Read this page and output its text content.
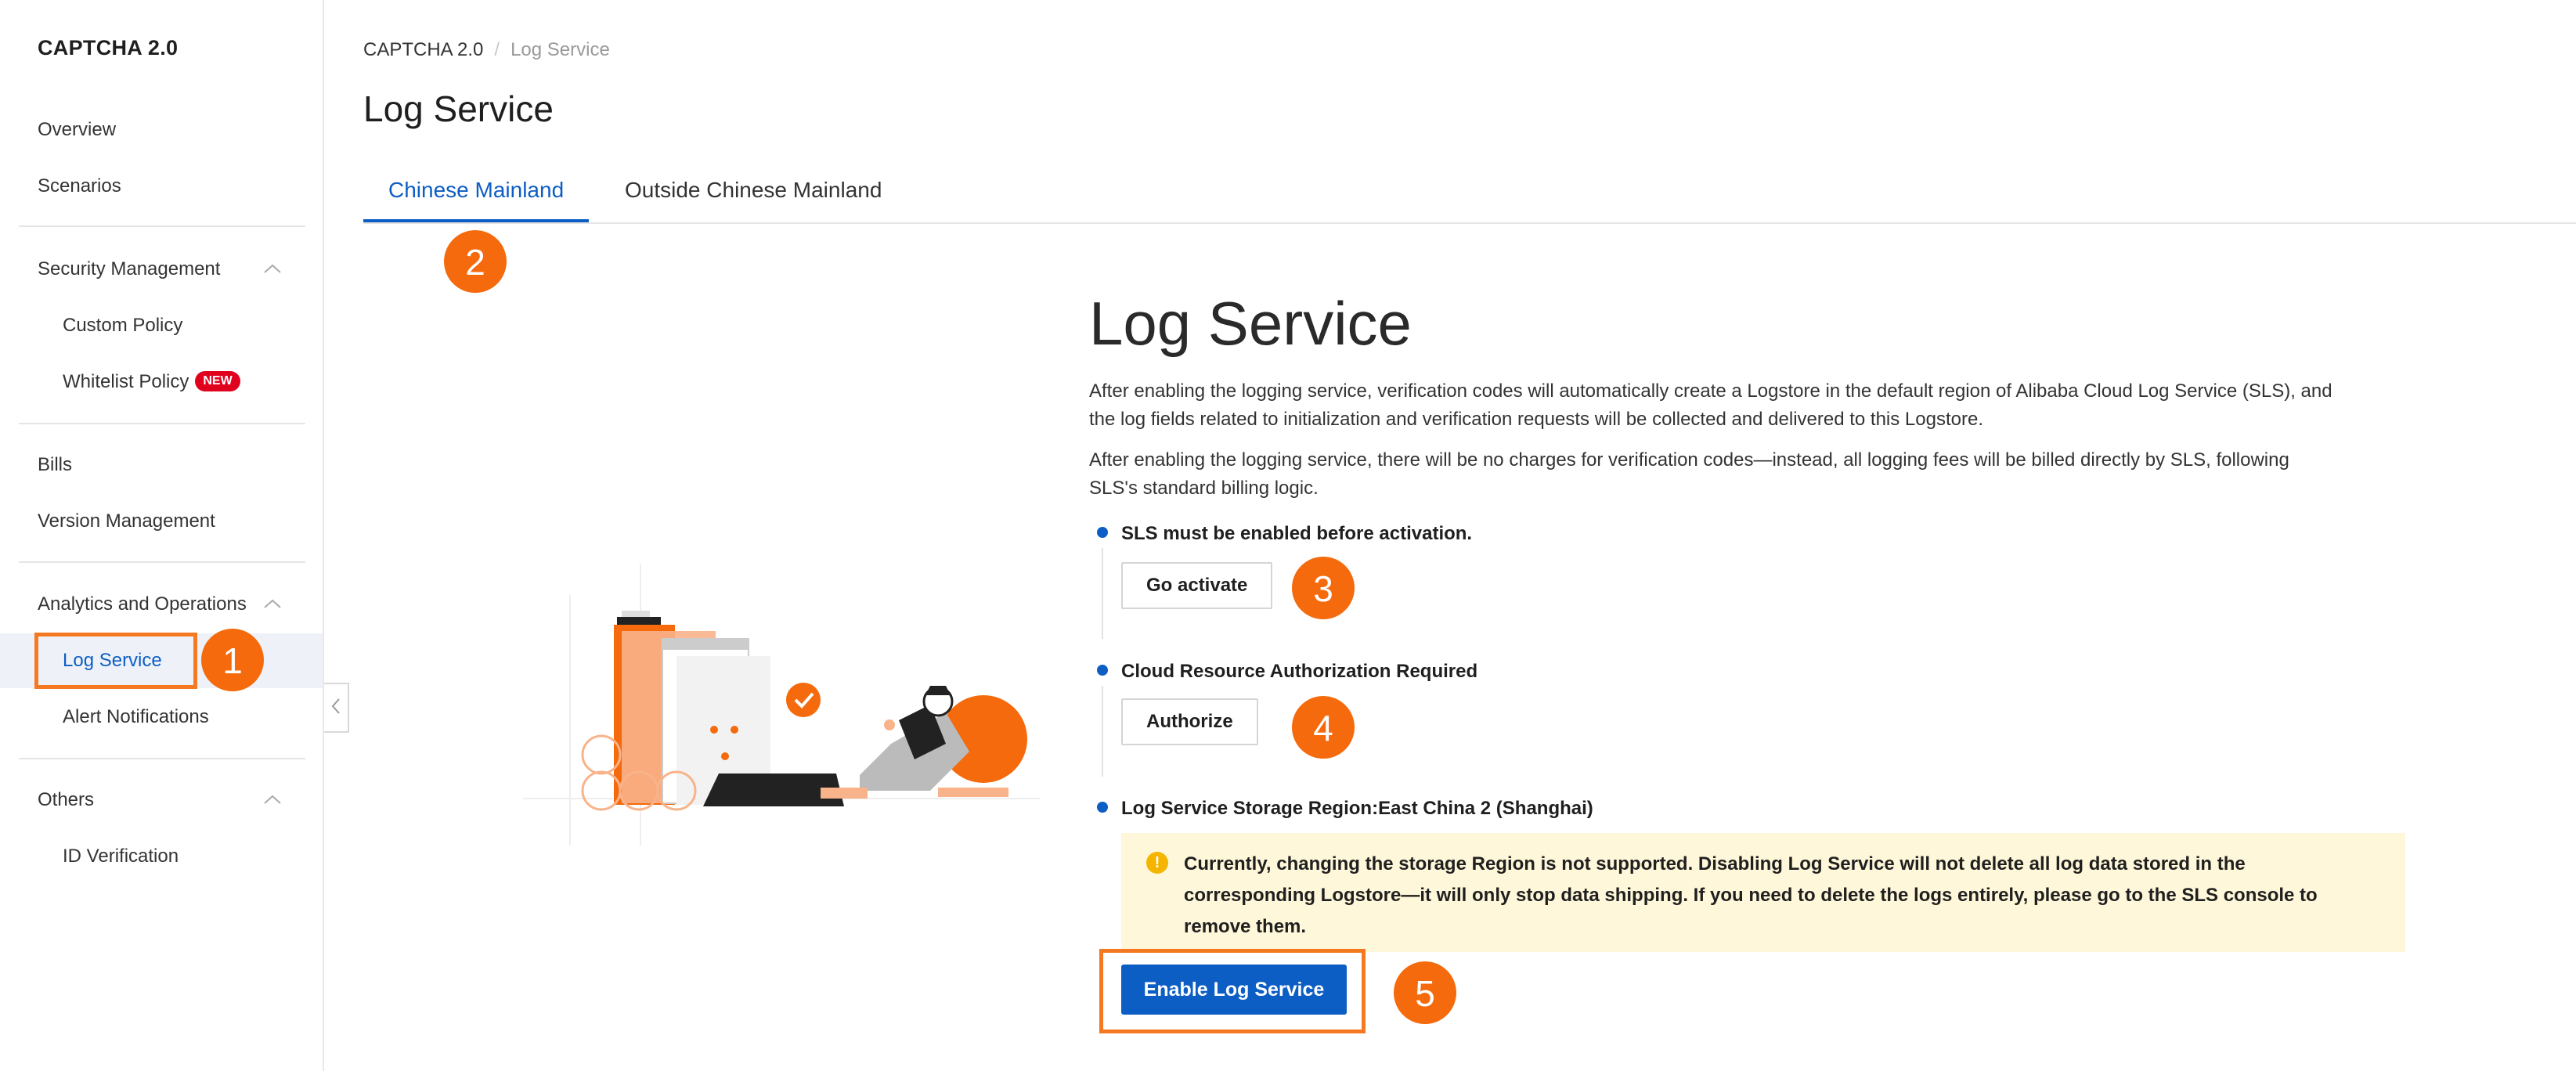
CAPTCHA 2.0
Overview
Scenarios
Security Management
Custom Policy
Whitelist Policy NEW
Bills
Version Management
Analytics and Operations
Log Service
Alert Notifications
Others
ID Verification
1
CAPTCHA 2.0 / Log Service
Log Service
Chinese Mainland	Outside Chinese Mainland
2
Log Service
After enabling the logging service, verification codes will automatically create a Logstore in the default region of Alibaba Cloud Log Service (SLS), and the log fields related to initialization and verification requests will be collected and delivered to this Logstore.
After enabling the logging service, there will be no charges for verification codes—instead, all logging fees will be billed directly by SLS, following SLS's standard billing logic.
SLS must be enabled before activation.
Go activate	3
Cloud Resource Authorization Required
Authorize	4
Log Service Storage Region:East China 2 (Shanghai)
!	Currently, changing the storage Region is not supported. Disabling Log Service will not delete all log data stored in the corresponding Logstore—it will only stop data shipping. If you need to delete the logs entirely, please go to the SLS console to remove them.
Enable Log Service	5
